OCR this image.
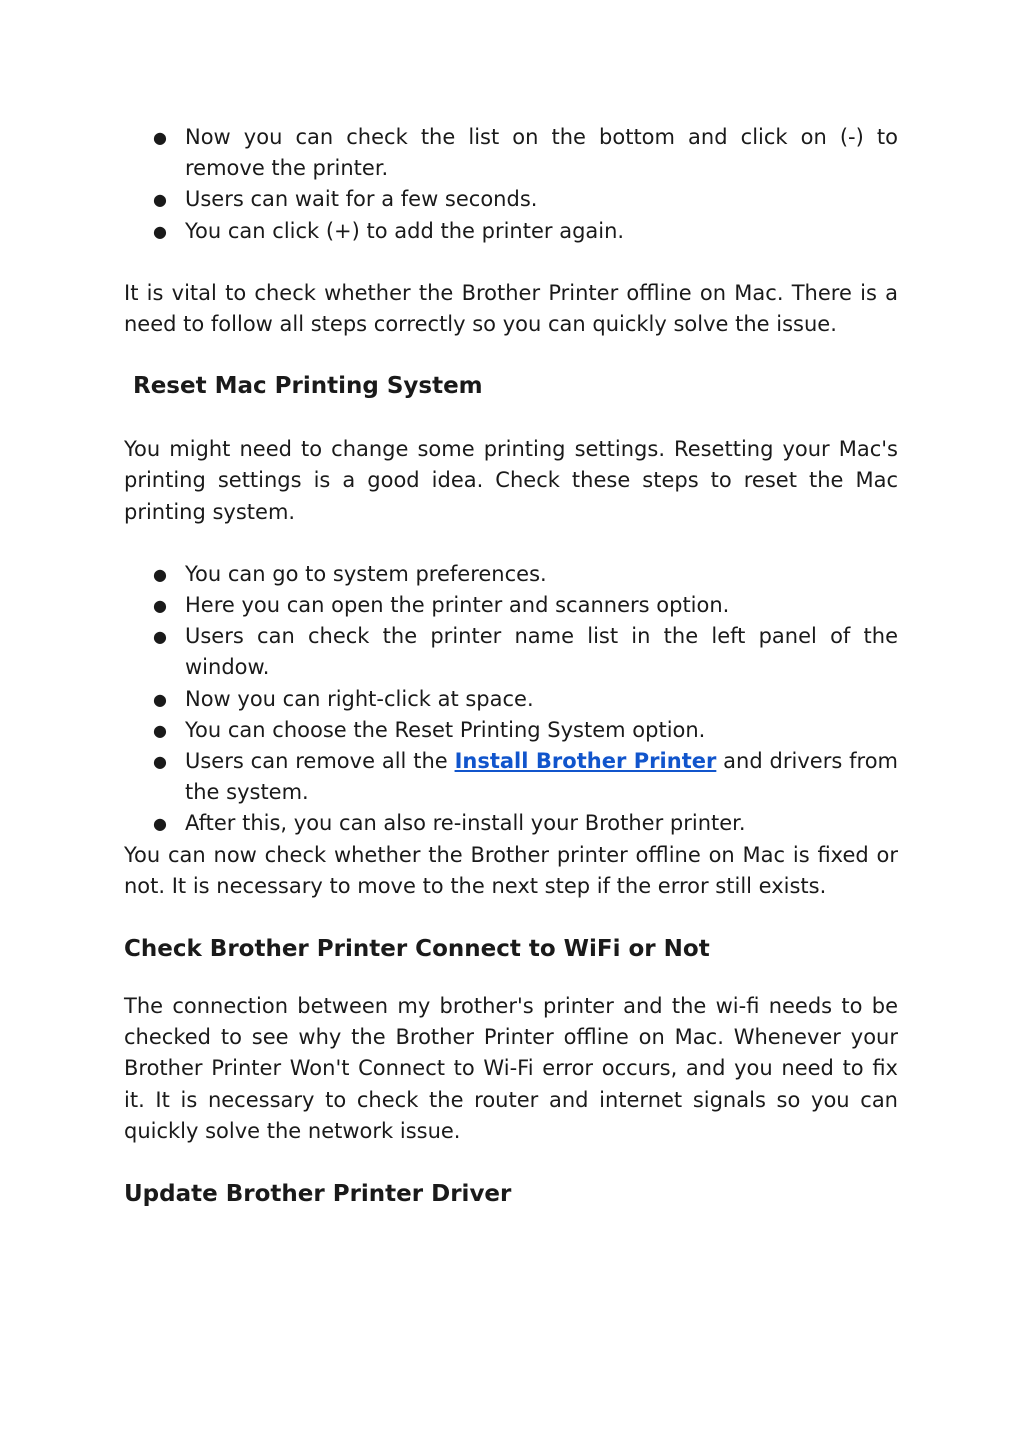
● Now you can check the list on the bottom and click on (-) to remove the printer.
● Users can wait for a few seconds.
● You can click (+) to add the printer again.

It is vital to check whether the Brother Printer offline on Mac. There is a need to follow all steps correctly so you can quickly solve the issue.

Reset Mac Printing System

You might need to change some printing settings. Resetting your Mac's printing settings is a good idea. Check these steps to reset the Mac printing system.

● You can go to system preferences.
● Here you can open the printer and scanners option.
● Users can check the printer name list in the left panel of the window.
● Now you can right-click at space.
● You can choose the Reset Printing System option.
● Users can remove all the Install Brother Printer and drivers from the system.
● After this, you can also re-install your Brother printer.

You can now check whether the Brother printer offline on Mac is fixed or not. It is necessary to move to the next step if the error still exists.

Check Brother Printer Connect to WiFi or Not

The connection between my brother's printer and the wi-fi needs to be checked to see why the Brother Printer offline on Mac. Whenever your Brother Printer Won't Connect to Wi-Fi error occurs, and you need to fix it. It is necessary to check the router and internet signals so you can quickly solve the network issue.

Update Brother Printer Driver
